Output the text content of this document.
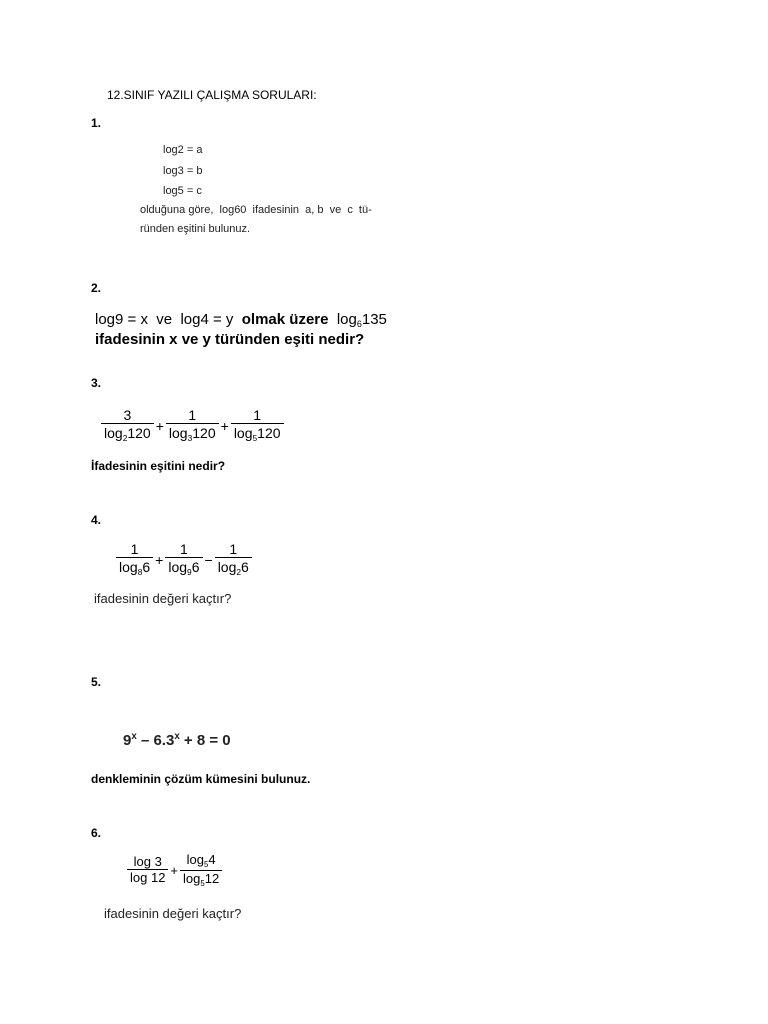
12.SINIF YAZILI ÇALIŞMA SORULARI:
1.
log2 = a
log3 = b
log5 = c
olduğuna göre,  log60  ifadesinin  a, b  ve  c  tü-
ründen eşitini bulunuz.
2.
log9 = x  ve  log4 = y olmak üzere $\log_6135$
ifadesinin x ve y türünden eşiti nedir?
3.
$\frac{3}{\log_2120} + \frac{1}{\log_3120} + \frac{1}{\log_5120}$
İfadesinin eşitini nedir?
4.
$\frac{1}{\log_86} + \frac{1}{\log_96} - \frac{1}{\log_26}$
ifadesinin değeri kaçtır?
5.
$9^x - 6.3^x + 8 = 0$
denkleminin çözüm kümesini bulunuz.
6.
$\frac{\log 3}{\log 12} + \frac{\log_54}{\log_512}$
ifadesinin değeri kaçtır?
